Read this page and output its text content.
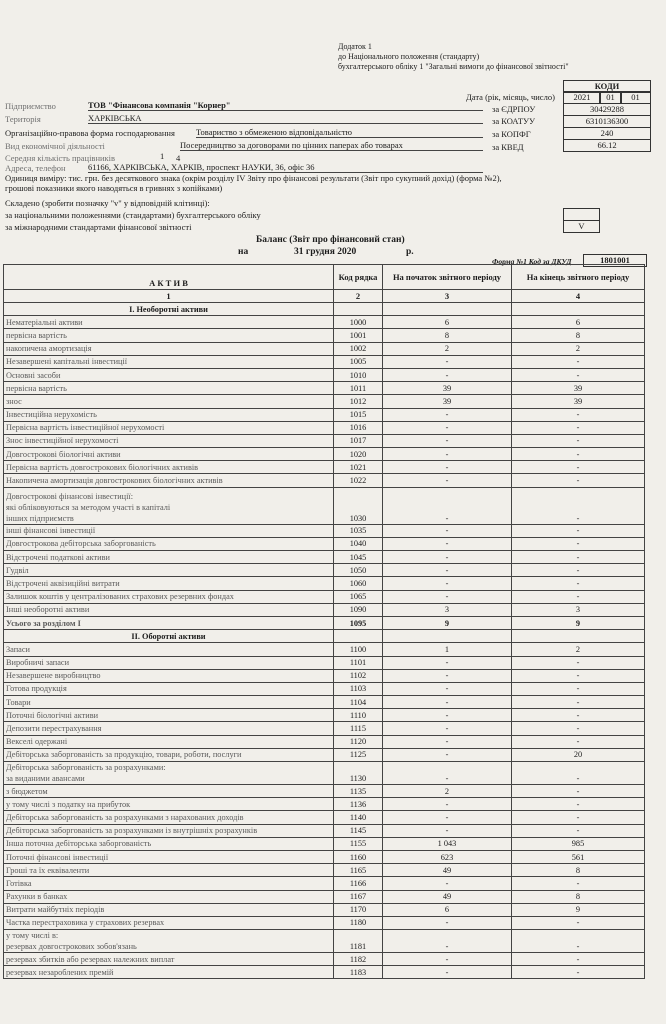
Додаток 1
до Національного положення (стандарту)
бухгалтерського обліку 1 "Загальні вимоги до фінансової звітності"
КОДИ
Дата (рік, місяць, число)	2021	01	01
за ЄДРПОУ	30429288
за КОАТУУ	6310136300
за КОПФГ	240
за КВЕД	66.12
Підприємство	ТОВ "Фінансова компанія "Корнер"
Територія	ХАРКІВСЬКА
Організаційно-правова форма господарювання Товариство з обмеженою відповідальністю
Вид економічної діяльності	Посередництво за договорами по цінних паперах або товарах
Середня кількість працівників	1 4
Адреса, телефон	61166, ХАРКІВСЬКА, ХАРКІВ, проспект НАУКИ, 36, офіс 36
Одиниця виміру: тис. грн. без десяткового знака (окрім розділу IV Звіту про фінансові результати (Звіт про сукупний дохід) (форма №2),
грошові показники якого наводяться в гривнях з копійками)
Складено (зробити позначку "v" у відповідній клітинці):
за національними положеннями (стандартами) бухгалтерського обліку
за міжнародними стандартами фінансової звітності	V
Баланс (Звіт про фінансовий стан)
на	31 грудня 2020	р.
Форма №1 Код за ДКУД	1801001
А К Т И В	Код рядка	На початок звітного періоду	На кінець звітного періоду
1	2	3	4

I. Необоротні активи			

Нематеріальні активи	1000	6	6

первісна вартість	1001	8	8

накопичена амортизація	1002	2	2

Незавершені капітальні інвестиції	1005	-	-

Основні засоби	1010	-	-

первісна вартість	1011	39	39

знос	1012	39	39

Інвестиційна нерухомість	1015	-	-

Первісна вартість інвестиційної нерухомості	1016	-	-

Знос інвестиційної нерухомості	1017	-	-

Довгострокові біологічні активи	1020	-	-

Первісна вартість довгострокових біологічних активів	1021	-	-

Накопичена амортизація довгострокових біологічних активів	1022	-	-

Довгострокові фінансові інвестиції:
які обліковуються за методом участі в капіталі
інших підприємств	1030	-	-

інші фінансові інвестиції	1035	-	-

Довгострокова дебіторська заборгованість	1040	-	-

Відстрочені податкові активи	1045	-	-

Гудвіл	1050	-	-

Відстрочені аквізиційні витрати	1060	-	-

Залишок коштів у централізованих страхових резервних фондах	1065	-	-

Інші необоротні активи	1090	3	3

Усього за розділом I	1095	9	9

II. Оборотні активи			

Запаси	1100	1	2

Виробничі запаси	1101	-	-

Незавершене виробництво	1102	-	-

Готова продукція	1103	-	-

Товари	1104	-	-

Поточні біологічні активи	1110	-	-

Депозити перестрахування	1115	-	-

Векселі одержані	1120	-	-

Дебіторська заборгованість за продукцію, товари, роботи, послуги	1125	-	20

Дебіторська заборгованість за розрахунками:
за виданими авансами	1130	-	-

з бюджетом	1135	2	-

у тому числі з податку на прибуток	1136	-	-

Дебіторська заборгованість за розрахунками з нарахованих доходів	1140	-	-

Дебіторська заборгованість за розрахунками із внутрішніх розрахунків	1145	-	-

Інша поточна дебіторська заборгованість	1155	1 043	985

Поточні фінансові інвестиції	1160	623	561

Гроші та їх еквіваленти	1165	49	8

Готівка	1166	-	-

Рахунки в банках	1167	49	8

Витрати майбутніх періодів	1170	6	9

Частка перестраховика у страхових резервах	1180	-	-

у тому числі в:
резервах довгострокових зобов'язань	1181	-	-

резервах збитків або резервах належних виплат	1182	-	-

резервах незароблених премій	1183	-	-
